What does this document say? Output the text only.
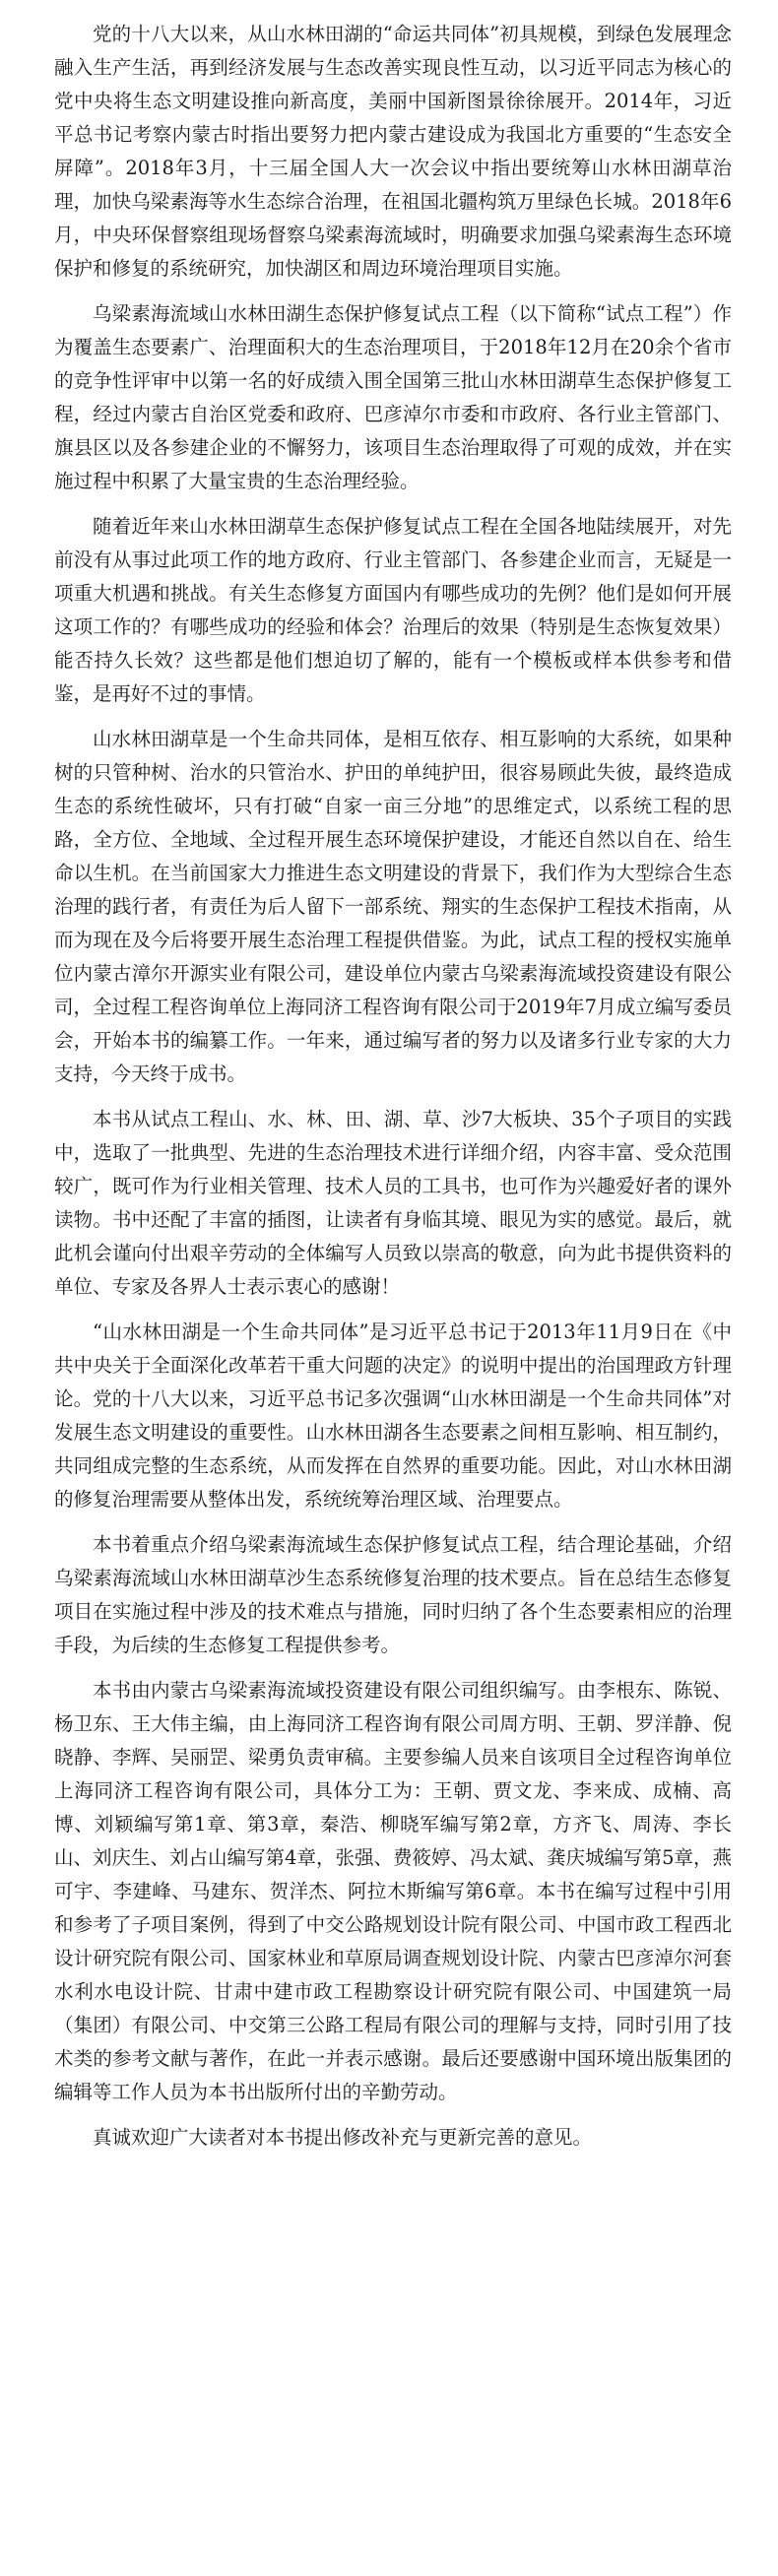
党的十八大以来，从山水林田湖的“命运共同体”初具规模，到绿色发展理念融入生产生活，再到经济发展与生态改善实现良性互动，以习近平同志为核心的党中央将生态文明建设推向新高度，美丽中国新图景徐徐展开。2014年，习近平总书记考察内蒙古时指出要努力把内蒙古建设成为我国北方重要的“生态安全屏障”。2018年3月，十三届全国人大一次会议中指出要统筹山水林田湖草治理，加快乌梁素海等水生态综合治理，在祖国北疆构筑万里绿色长城。2018年6月，中央环保督察组现场督察乌梁素海流域时，明确要求加强乌梁素海生态环境保护和修复的系统研究，加快湖区和周边环境治理项目实施。

乌梁素海流域山水林田湖生态保护修复试点工程（以下简称“试点工程”）作为覆盖生态要素广、治理面积大的生态治理项目，于2018年12月在20余个省市的竞争性评审中以第一名的好成绩入围全国第三批山水林田湖草生态保护修复工程，经过内蒙古自治区党委和政府、巴彦淖尔市委和市政府、各行业主管部门、旗县区以及各参建企业的不懈努力，该项目生态治理取得了可观的成效，并在实施过程中积累了大量宝贵的生态治理经验。

随着近年来山水林田湖草生态保护修复试点工程在全国各地陆续展开，对先前没有从事过此项工作的地方政府、行业主管部门、各参建企业而言，无疑是一项重大机遇和挑战。有关生态修复方面国内有哪些成功的先例？他们是如何开展这项工作的？有哪些成功的经验和体会？治理后的效果（特别是生态恢复效果）能否持久长效？这些都是他们想迫切了解的，能有一个模板或样本供参考和借鉴，是再好不过的事情。

山水林田湖草是一个生命共同体，是相互依存、相互影响的大系统，如果种树的只管种树、治水的只管治水、护田的单纯护田，很容易顾此失彼，最终造成生态的系统性破坏，只有打破“自家一亩三分地”的思维定式，以系统工程的思路，全方位、全地域、全过程开展生态环境保护建设，才能还自然以自在、给生命以生机。在当前国家大力推进生态文明建设的背景下，我们作为大型综合生态治理的践行者，有责任为后人留下一部系统、翔实的生态保护工程技术指南，从而为现在及今后将要开展生态治理工程提供借鉴。为此，试点工程的授权实施单位内蒙古漳尔开源实业有限公司，建设单位内蒙古乌梁素海流域投资建设有限公司，全过程工程咨询单位上海同济工程咨询有限公司于2019年7月成立编写委员会，开始本书的编纂工作。一年来，通过编写者的努力以及诸多行业专家的大力支持，今天终于成书。

本书从试点工程山、水、林、田、湖、草、沙7大板块、35个子项目的实践中，选取了一批典型、先进的生态治理技术进行详细介绍，内容丰富、受众范围较广，既可作为行业相关管理、技术人员的工具书，也可作为兴趣爱好者的课外读物。书中还配了丰富的插图，让读者有身临其境、眼见为实的感觉。最后，就此机会谨向付出艰辛劳动的全体编写人员致以崇高的敬意，向为此书提供资料的单位、专家及各界人士表示衷心的感谢！

“山水林田湖是一个生命共同体”是习近平总书记于2013年11月9日在《中共中央关于全面深化改革若干重大问题的决定》的说明中提出的治国理政方针理论。党的十八大以来，习近平总书记多次强调“山水林田湖是一个生命共同体”对发展生态文明建设的重要性。山水林田湖各生态要素之间相互影响、相互制约，共同组成完整的生态系统，从而发挥在自然界的重要功能。因此，对山水林田湖的修复治理需要从整体出发，系统统筹治理区域、治理要点。

本书着重点介绍乌梁素海流域生态保护修复试点工程，结合理论基础，介绍乌梁素海流域山水林田湖草沙生态系统修复治理的技术要点。旨在总结生态修复项目在实施过程中涉及的技术难点与措施，同时归纳了各个生态要素相应的治理手段，为后续的生态修复工程提供参考。

本书由内蒙古乌梁素海流域投资建设有限公司组织编写。由李根东、陈锐、杨卫东、王大伟主编，由上海同济工程咨询有限公司周方明、王朝、罗洋静、倪晓静、李辉、吴丽罡、梁勇负责审稿。主要参编人员来自该项目全过程咨询单位上海同济工程咨询有限公司，具体分工为：王朝、贾文龙、李来成、成楠、高博、刘颖编写第1章、第3章，秦浩、柳晓军编写第2章，方齐飞、周涛、李长山、刘庆生、刘占山编写第4章，张强、费筱婷、冯太斌、龚庆城编写第5章，燕可宇、李建峰、马建东、贺洋杰、阿拉木斯编写第6章。本书在编写过程中引用和参考了子项目案例，得到了中交公路规划设计院有限公司、中国市政工程西北设计研究院有限公司、国家林业和草原局调查规划设计院、内蒙古巴彦淖尔河套水利水电设计院、甘肃中建市政工程勘察设计研究院有限公司、中国建筑一局（集团）有限公司、中交第三公路工程局有限公司的理解与支持，同时引用了技术类的参考文献与著作，在此一并表示感谢。最后还要感谢中国环境出版集团的编辑等工作人员为本书出版所付出的辛勤劳动。

真诚欢迎广大读者对本书提出修改补充与更新完善的意见。
